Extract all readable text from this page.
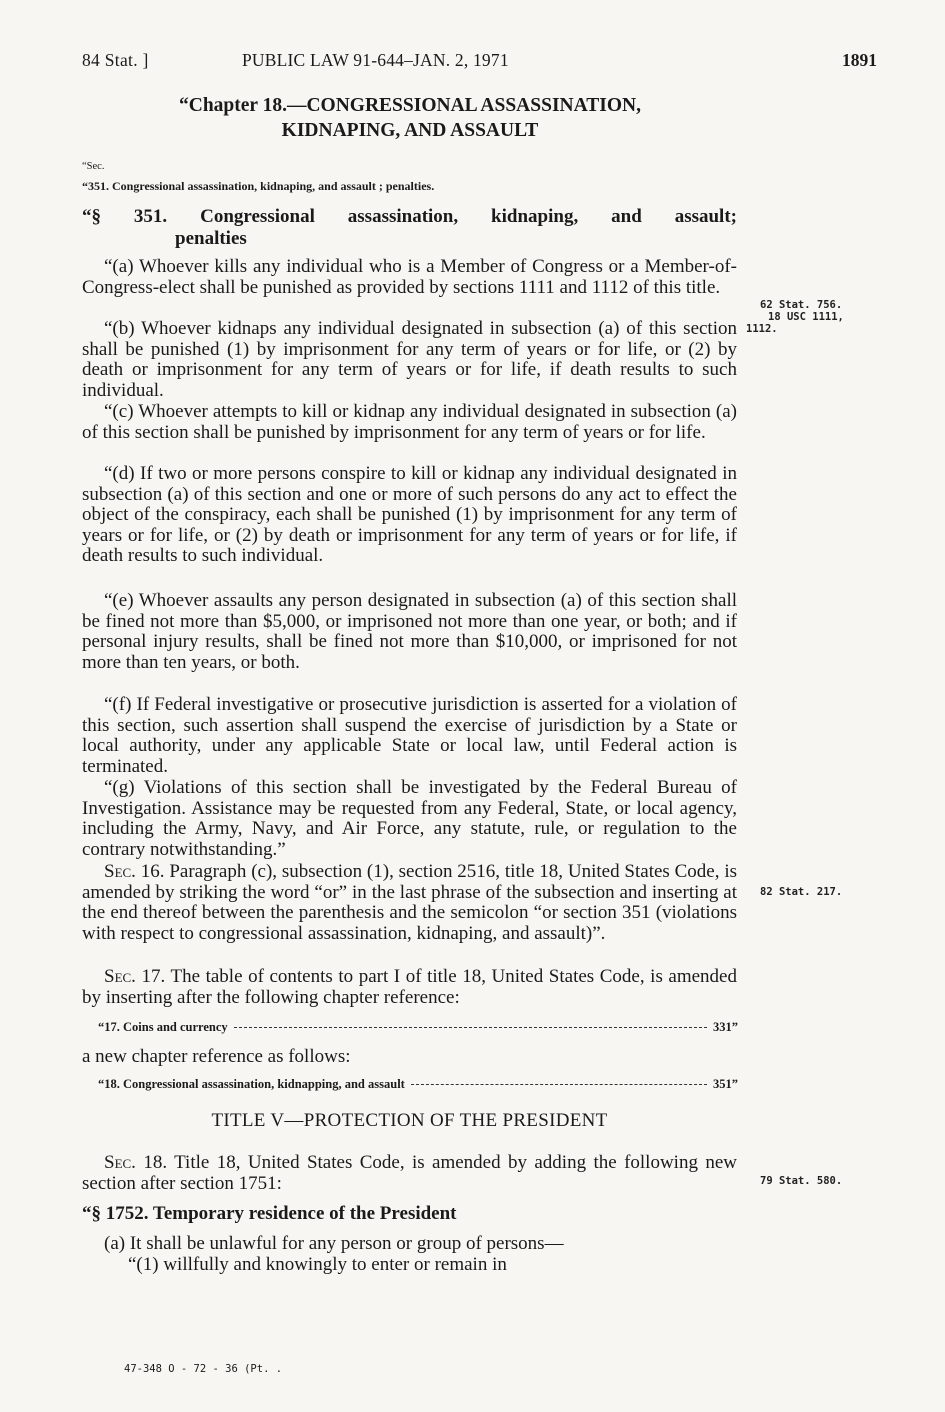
84 Stat. ]	PUBLIC LAW 91-644–JAN. 2, 1971	1891
“Chapter 18.—CONGRESSIONAL ASSASSINATION,
KIDNAPING, AND ASSAULT
“Sec.
“351. Congressional assassination, kidnaping, and assault ; penalties.
“§ 351. Congressional assassination, kidnaping, and assault;
penalties

“(a) Whoever kills any individual who is a Member of Congress or a Member-of-Congress-elect shall be punished as provided by sections 1111 and 1112 of this title.

“(b) Whoever kidnaps any individual designated in subsection (a) of this section shall be punished (1) by imprisonment for any term of years or for life, or (2) by death or imprisonment for any term of years or for life, if death results to such individual.

“(c) Whoever attempts to kill or kidnap any individual designated in subsection (a) of this section shall be punished by imprisonment for any term of years or for life.

“(d) If two or more persons conspire to kill or kidnap any individual designated in subsection (a) of this section and one or more of such persons do any act to effect the object of the conspiracy, each shall be punished (1) by imprisonment for any term of years or for life, or (2) by death or imprisonment for any term of years or for life, if death results to such individual.

“(e) Whoever assaults any person designated in subsection (a) of this section shall be fined not more than $5,000, or imprisoned not more than one year, or both; and if personal injury results, shall be fined not more than $10,000, or imprisoned for not more than ten years, or both.

“(f) If Federal investigative or prosecutive jurisdiction is asserted for a violation of this section, such assertion shall suspend the exercise of jurisdiction by a State or local authority, under any applicable State or local law, until Federal action is terminated.

“(g) Violations of this section shall be investigated by the Federal Bureau of Investigation. Assistance may be requested from any Federal, State, or local agency, including the Army, Navy, and Air Force, any statute, rule, or regulation to the contrary notwithstanding.”

Sec. 16. Paragraph (c), subsection (1), section 2516, title 18, United States Code, is amended by striking the word “or” in the last phrase of the subsection and inserting at the end thereof between the parenthesis and the semicolon “or section 351 (violations with respect to congressional assassination, kidnaping, and assault)”.

Sec. 17. The table of contents to part I of title 18, United States Code, is amended by inserting after the following chapter reference:

“17. Coins and currency	331”
a new chapter reference as follows:
“18. Congressional assassination, kidnapping, and assault	351”
TITLE V—PROTECTION OF THE PRESIDENT

Sec. 18. Title 18, United States Code, is amended by adding the following new section after section 1751:

“§ 1752. Temporary residence of the President
(a) It shall be unlawful for any person or group of persons—
“(1) willfully and knowingly to enter or remain in
62 Stat. 756.
18 USC 1111,
1112.
82 Stat. 217.
79 Stat. 580.
47-348 O - 72 - 36 (Pt. .
